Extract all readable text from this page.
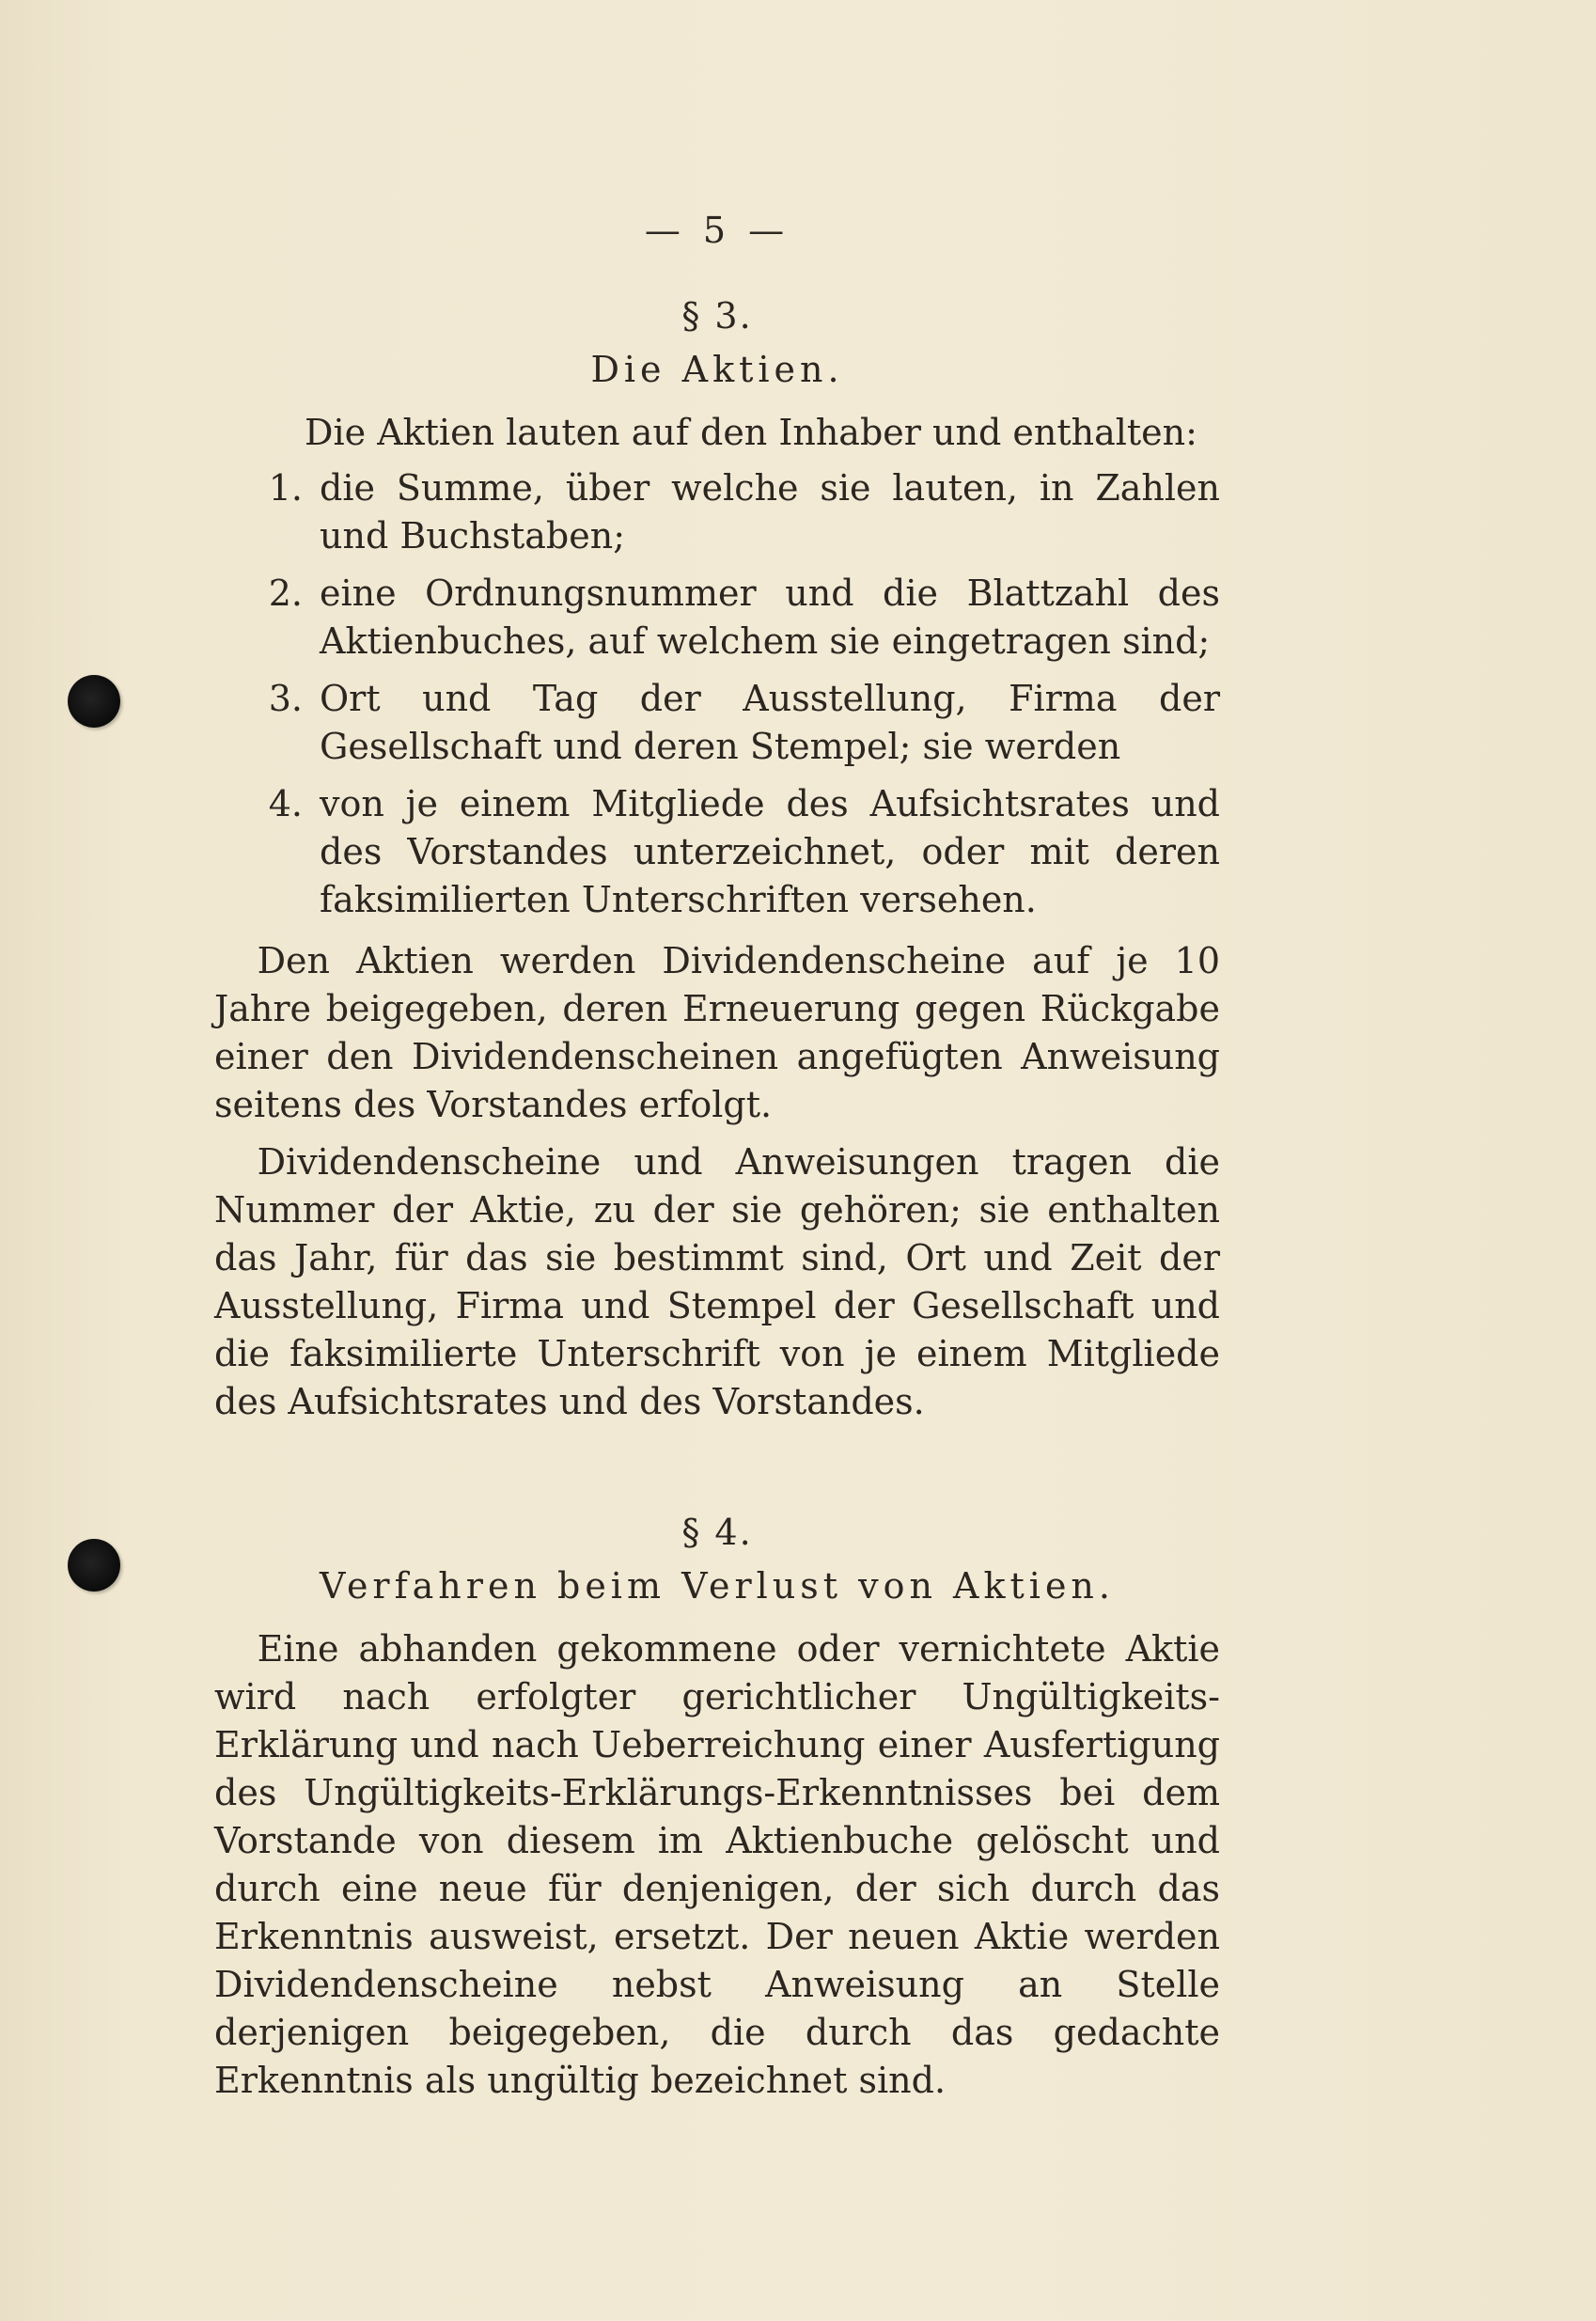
— 5 —
§ 3.
Die Aktien.

Die Aktien lauten auf den Inhaber und enthalten:

1. die Summe, über welche sie lauten, in Zahlen und Buchstaben;
2. eine Ordnungsnummer und die Blattzahl des Aktienbuches, auf welchem sie eingetragen sind;
3. Ort und Tag der Ausstellung, Firma der Gesellschaft und deren Stempel; sie werden
4. von je einem Mitgliede des Aufsichtsrates und des Vorstandes unterzeichnet, oder mit deren faksimilierten Unterschriften versehen.

Den Aktien werden Dividendenscheine auf je 10 Jahre beigegeben, deren Erneuerung gegen Rückgabe einer den Dividendenscheinen angefügten Anweisung seitens des Vorstandes erfolgt.

Dividendenscheine und Anweisungen tragen die Nummer der Aktie, zu der sie gehören; sie enthalten das Jahr, für das sie bestimmt sind, Ort und Zeit der Ausstellung, Firma und Stempel der Gesellschaft und die faksimilierte Unterschrift von je einem Mitgliede des Aufsichtsrates und des Vorstandes.

§ 4.
Verfahren beim Verlust von Aktien.

Eine abhanden gekommene oder vernichtete Aktie wird nach erfolgter gerichtlicher Ungültigkeits-Erklärung und nach Ueberreichung einer Ausfertigung des Ungültigkeits-Erklärungs-Erkenntnisses bei dem Vorstande von diesem im Aktienbuche gelöscht und durch eine neue für denjenigen, der sich durch das Erkenntnis ausweist, ersetzt. Der neuen Aktie werden Dividendenscheine nebst Anweisung an Stelle derjenigen beigegeben, die durch das gedachte Erkenntnis als ungültig bezeichnet sind.
